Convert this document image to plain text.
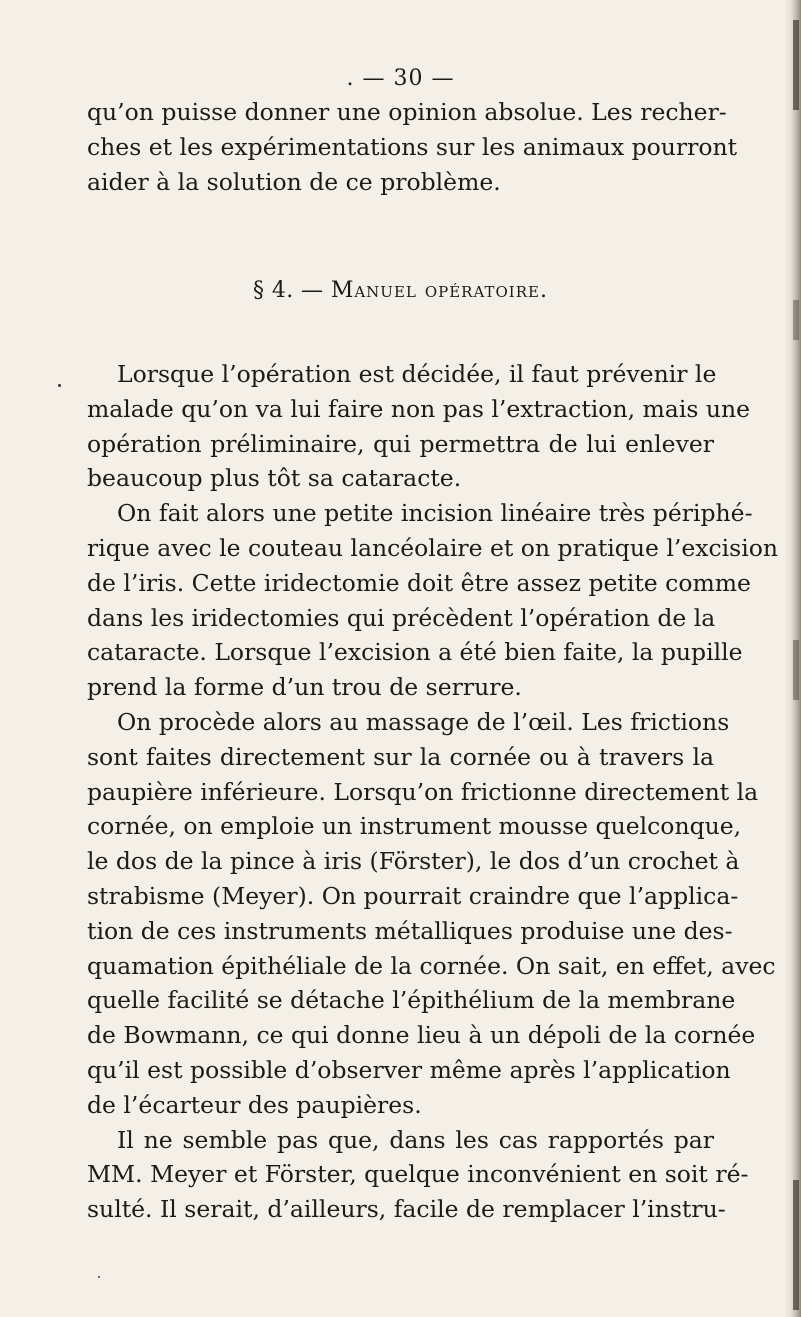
. — 30 —
qu’on puisse donner une opinion absolue. Les recher-
ches et les expérimentations sur les animaux pourront
aider à la solution de ce problème.
§ 4. — Manuel opératoire.
Lorsque l’opération est décidée, il faut prévenir le
malade qu’on va lui faire non pas l’extraction, mais une
opération préliminaire, qui permettra de lui enlever
beaucoup plus tôt sa cataracte.
On fait alors une petite incision linéaire très périphé-
rique avec le couteau lancéolaire et on pratique l’excision
de l’iris. Cette iridectomie doit être assez petite comme
dans les iridectomies qui précèdent l’opération de la
cataracte. Lorsque l’excision a été bien faite, la pupille
prend la forme d’un trou de serrure.
On procède alors au massage de l’œil. Les frictions
sont faites directement sur la cornée ou à travers la
paupière inférieure. Lorsqu’on frictionne directement la
cornée, on emploie un instrument mousse quelconque,
le dos de la pince à iris (Förster), le dos d’un crochet à
strabisme (Meyer). On pourrait craindre que l’applica-
tion de ces instruments métalliques produise une des-
quamation épithéliale de la cornée. On sait, en effet, avec
quelle facilité se détache l’épithélium de la membrane
de Bowmann, ce qui donne lieu à un dépoli de la cornée
qu’il est possible d’observer même après l’application
de l’écarteur des paupières.
Il ne semble pas que, dans les cas rapportés par
MM. Meyer et Förster, quelque inconvénient en soit ré-
sulté. Il serait, d’ailleurs, facile de remplacer l’instru-
